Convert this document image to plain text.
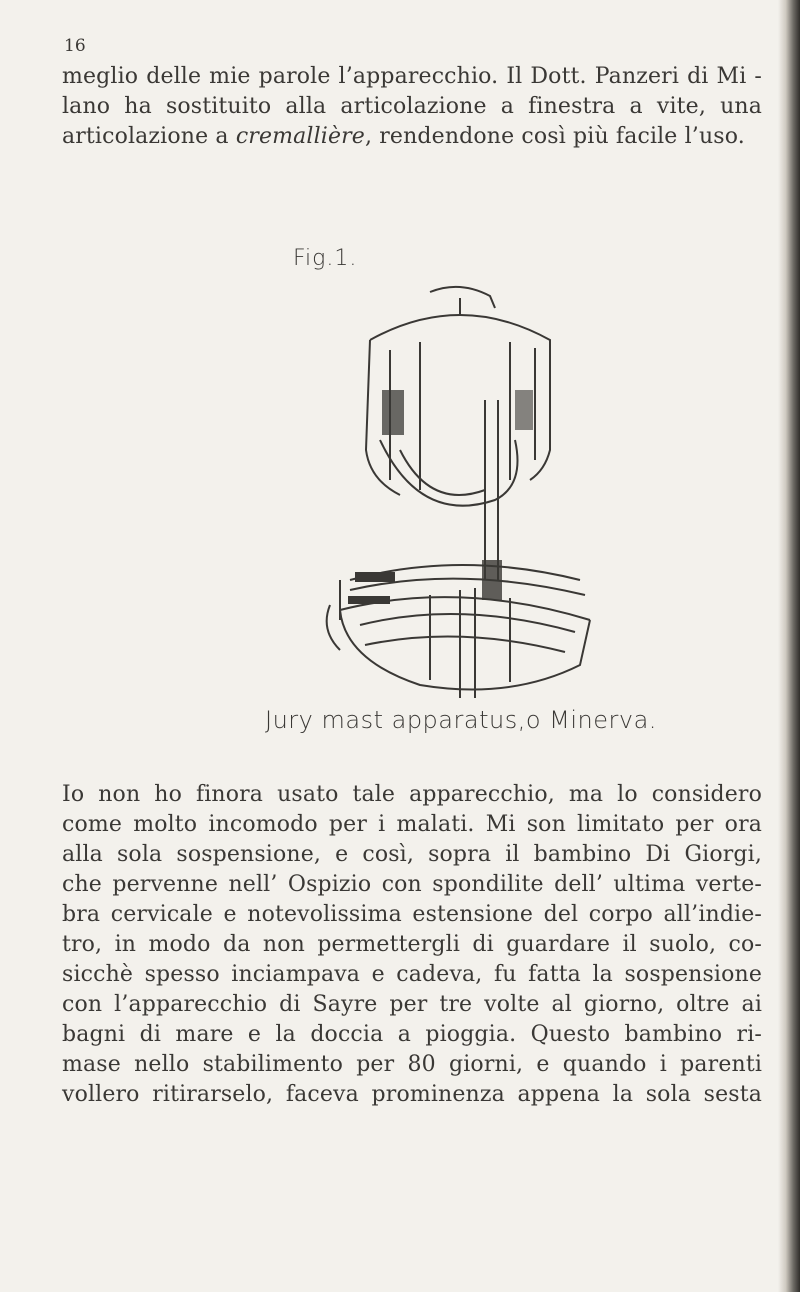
16
meglio delle mie parole l’apparecchio. Il Dott. Panzeri di Mi -
lano ha sostituito alla articolazione a finestra a vite, una
articolazione a cremallière, rendendone così più facile l’uso.
Fig.1.
Jury mast apparatus,o Minerva.
Io non ho finora usato tale apparecchio, ma lo considero
come molto incomodo per i malati. Mi son limitato per ora
alla sola sospensione, e così, sopra il bambino Di Giorgi,
che pervenne nell’ Ospizio con spondilite dell’ ultima verte-
bra cervicale e notevolissima estensione del corpo all’indie-
tro, in modo da non permettergli di guardare il suolo, co-
sicchè spesso inciampava e cadeva, fu fatta la sospensione
con l’apparecchio di Sayre per tre volte al giorno, oltre ai
bagni di mare e la doccia a pioggia. Questo bambino ri-
mase nello stabilimento per 80 giorni, e quando i parenti
vollero ritirarselo, faceva prominenza appena la sola sesta
